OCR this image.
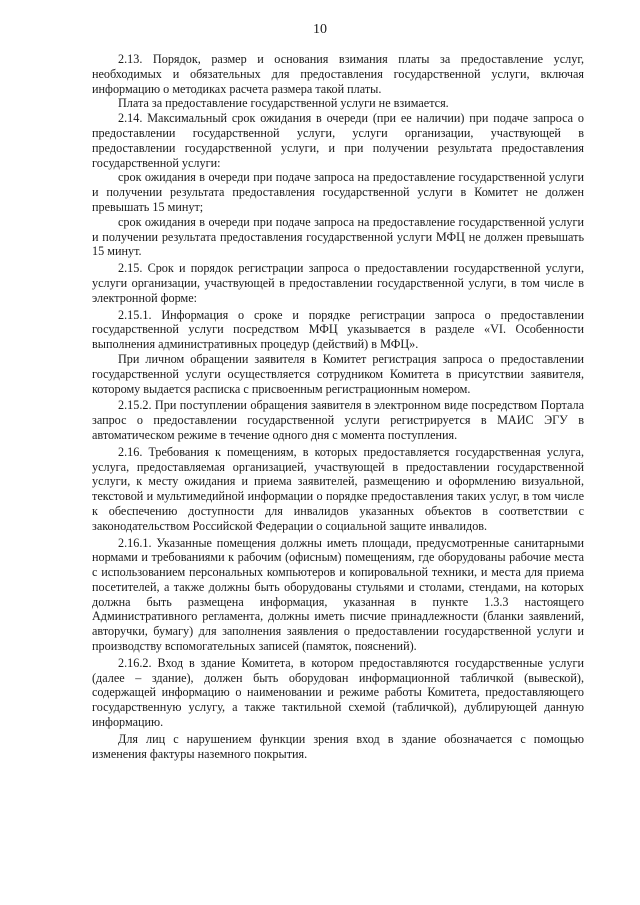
10

2.13. Порядок, размер и основания взимания платы за предоставление услуг, необходимых и обязательных для предоставления государственной услуги, включая информацию о методиках расчета размера такой платы.

Плата за предоставление государственной услуги не взимается.

2.14. Максимальный срок ожидания в очереди (при ее наличии) при подаче запроса о предоставлении государственной услуги, услуги организации, участвующей в предоставлении государственной услуги, и при получении результата предоставления государственной услуги:

срок ожидания в очереди при подаче запроса на предоставление государственной услуги и получении результата предоставления государственной услуги в Комитет не должен превышать 15 минут;

срок ожидания в очереди при подаче запроса на предоставление государственной услуги и получении результата предоставления государственной услуги МФЦ не должен превышать 15 минут.

2.15. Срок и порядок регистрации запроса о предоставлении государственной услуги, услуги организации, участвующей в предоставлении государственной услуги, в том числе в электронной форме:

2.15.1. Информация о сроке и порядке регистрации запроса о предоставлении государственной услуги посредством МФЦ указывается в разделе «VI. Особенности выполнения административных процедур (действий) в МФЦ».

При личном обращении заявителя в Комитет регистрация запроса о предоставлении государственной услуги осуществляется сотрудником Комитета в присутствии заявителя, которому выдается расписка с присвоенным регистрационным номером.

2.15.2. При поступлении обращения заявителя в электронном виде посредством Портала запрос о предоставлении государственной услуги регистрируется в МАИС ЭГУ в автоматическом режиме в течение одного дня с момента поступления.

2.16. Требования к помещениям, в которых предоставляется государственная услуга, услуга, предоставляемая организацией, участвующей в предоставлении государственной услуги, к месту ожидания и приема заявителей, размещению и оформлению визуальной, текстовой и мультимедийной информации о порядке предоставления таких услуг, в том числе к обеспечению доступности для инвалидов указанных объектов в соответствии с законодательством Российской Федерации о социальной защите инвалидов.

2.16.1. Указанные помещения должны иметь площади, предусмотренные санитарными нормами и требованиями к рабочим (офисным) помещениям, где оборудованы рабочие места с использованием персональных компьютеров и копировальной техники, и места для приема посетителей, а также должны быть оборудованы стульями и столами, стендами, на которых должна быть размещена информация, указанная в пункте 1.3.3 настоящего Административного регламента, должны иметь писчие принадлежности (бланки заявлений, авторучки, бумагу) для заполнения заявления о предоставлении государственной услуги и производству вспомогательных записей (памяток, пояснений).

2.16.2. Вход в здание Комитета, в котором предоставляются государственные услуги (далее – здание), должен быть оборудован информационной табличкой (вывеской), содержащей информацию о наименовании и режиме работы Комитета, предоставляющего государственную услугу, а также тактильной схемой (табличкой), дублирующей данную информацию.

Для лиц с нарушением функции зрения вход в здание обозначается с помощью изменения фактуры наземного покрытия.
